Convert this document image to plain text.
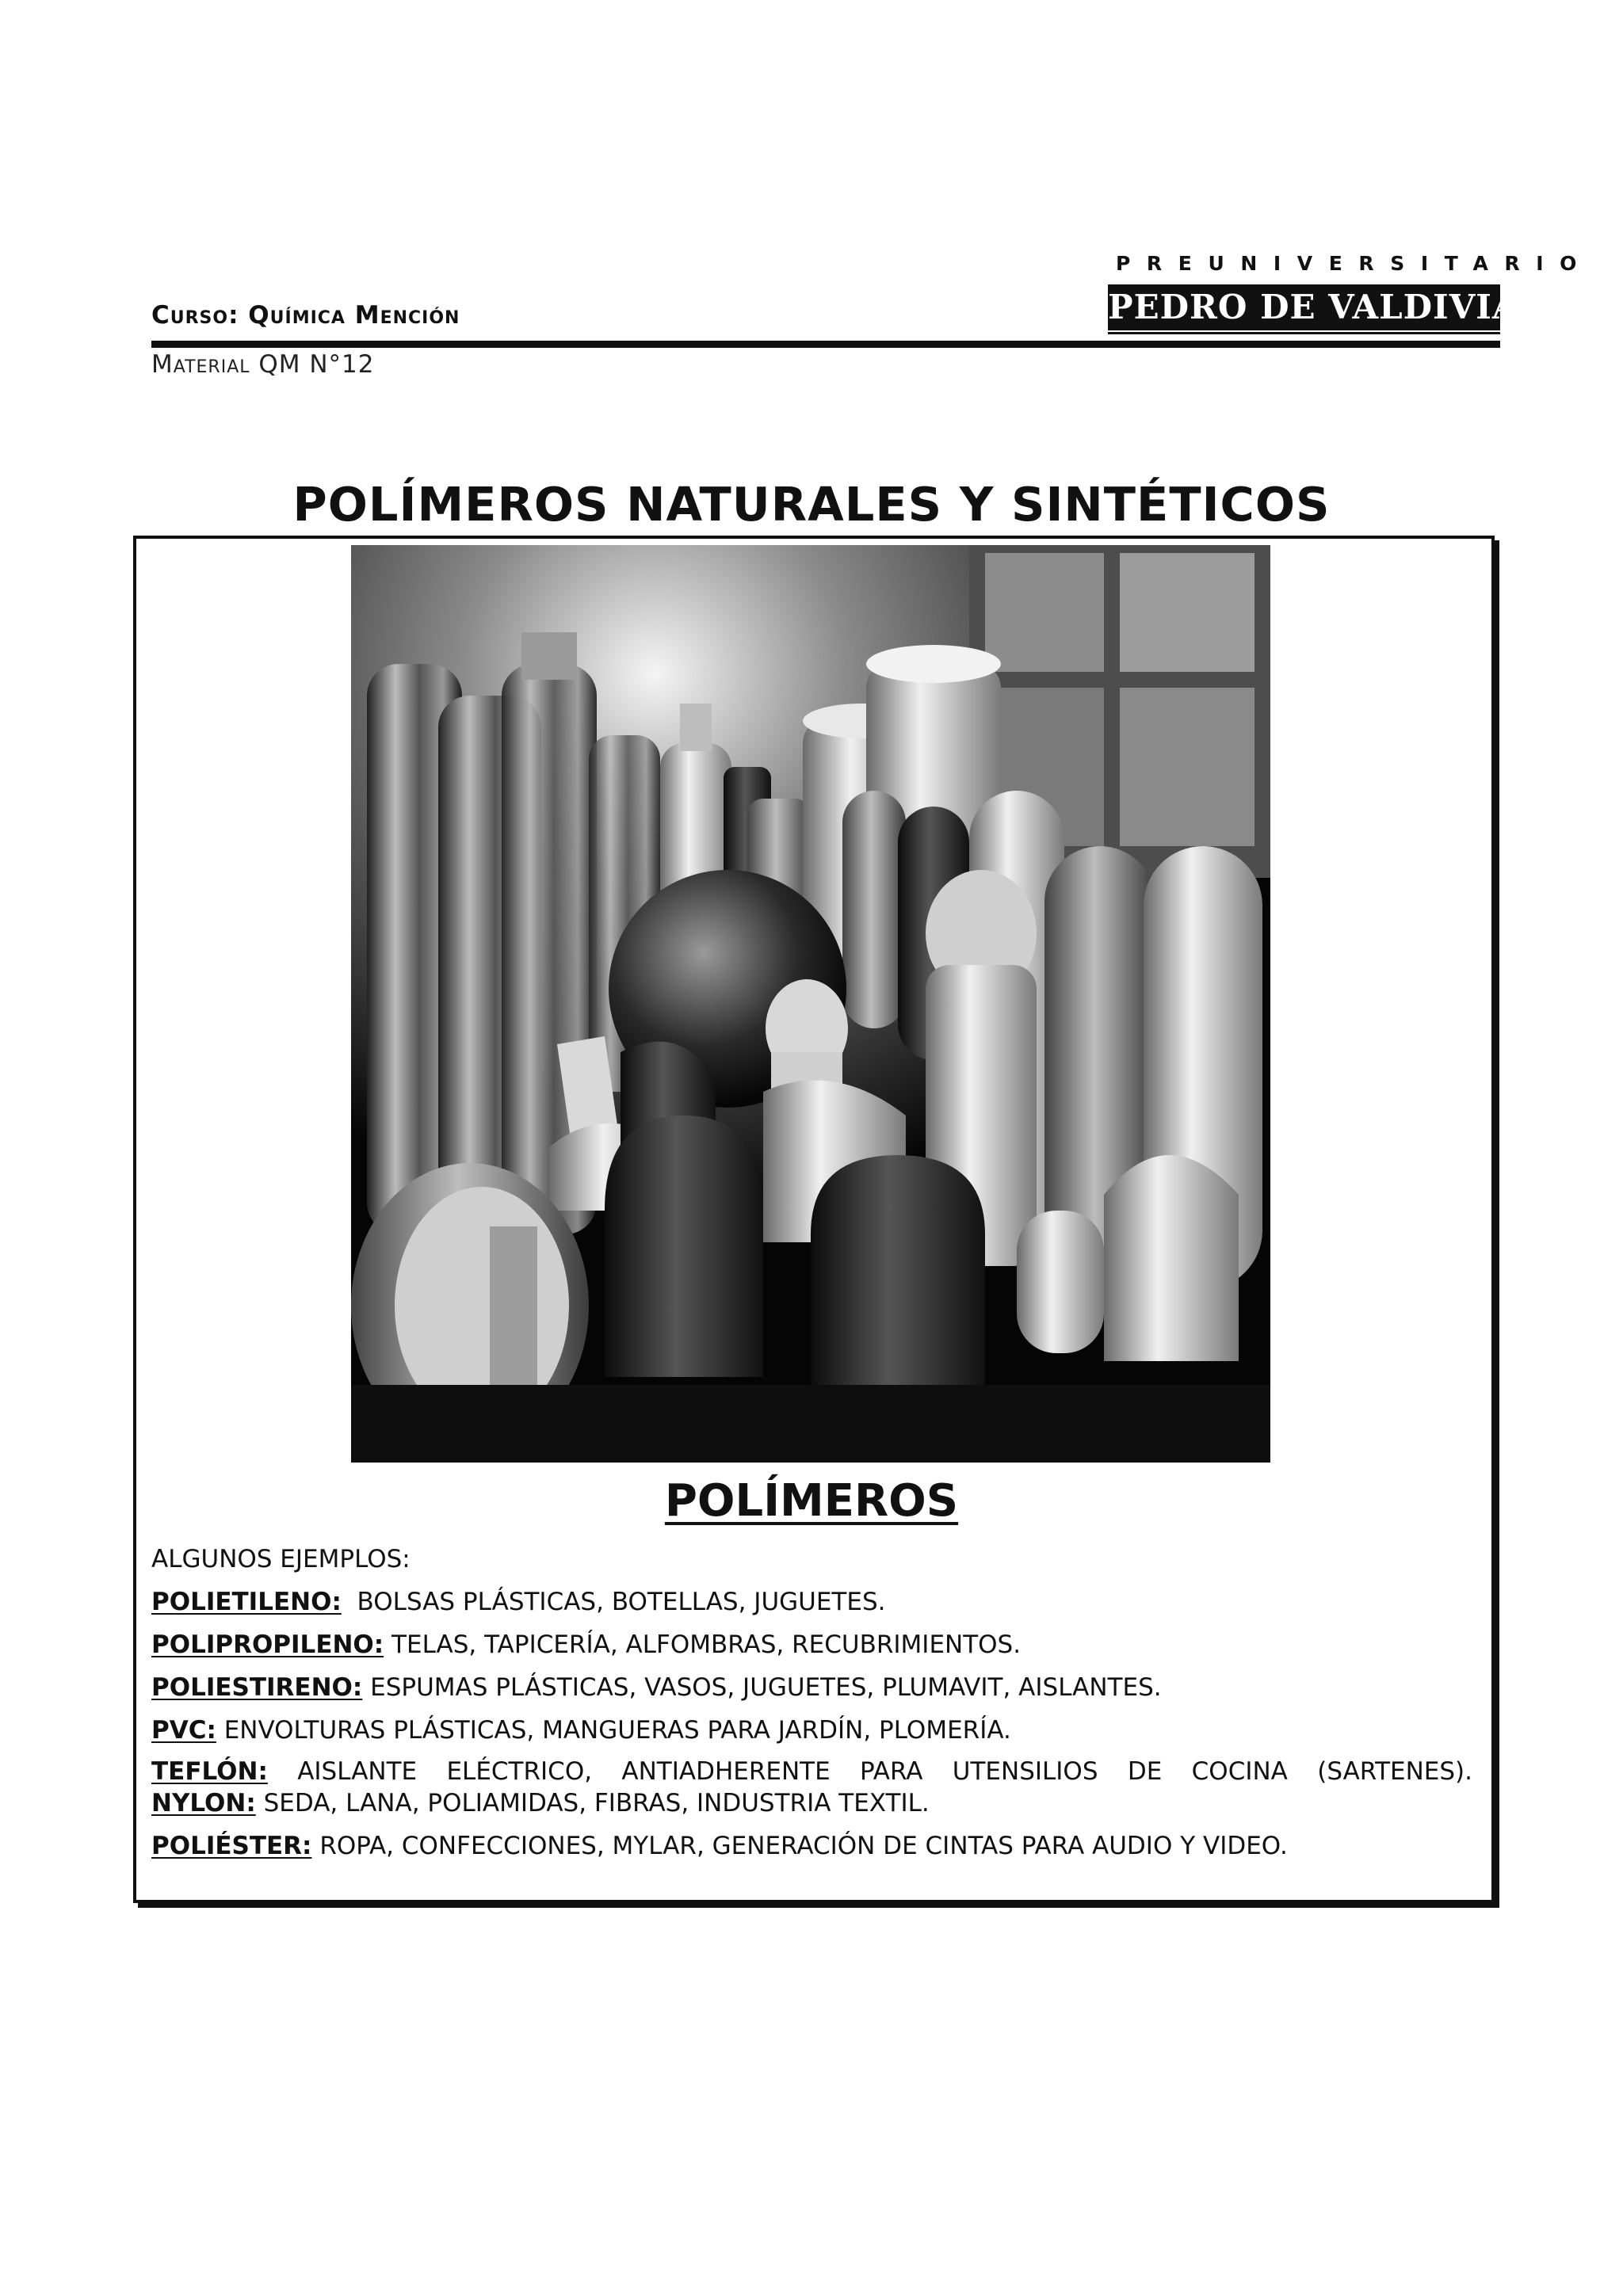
Curso: Química Mención
Material QM N°12
PREUNIVERSITARIO
PEDRO DE VALDIVIA
POLÍMEROS NATURALES Y SINTÉTICOS
POLÍMEROS
ALGUNOS EJEMPLOS:
POLIETILENO:  BOLSAS PLÁSTICAS, BOTELLAS, JUGUETES.
POLIPROPILENO: TELAS, TAPICERÍA, ALFOMBRAS, RECUBRIMIENTOS.
POLIESTIRENO: ESPUMAS PLÁSTICAS, VASOS, JUGUETES, PLUMAVIT, AISLANTES.
PVC: ENVOLTURAS PLÁSTICAS, MANGUERAS PARA JARDÍN, PLOMERÍA.
TEFLÓN: AISLANTE ELÉCTRICO, ANTIADHERENTE PARA UTENSILIOS DE COCINA (SARTENES).
NYLON: SEDA, LANA, POLIAMIDAS, FIBRAS, INDUSTRIA TEXTIL.
POLIÉSTER: ROPA, CONFECCIONES, MYLAR, GENERACIÓN DE CINTAS PARA AUDIO Y VIDEO.
